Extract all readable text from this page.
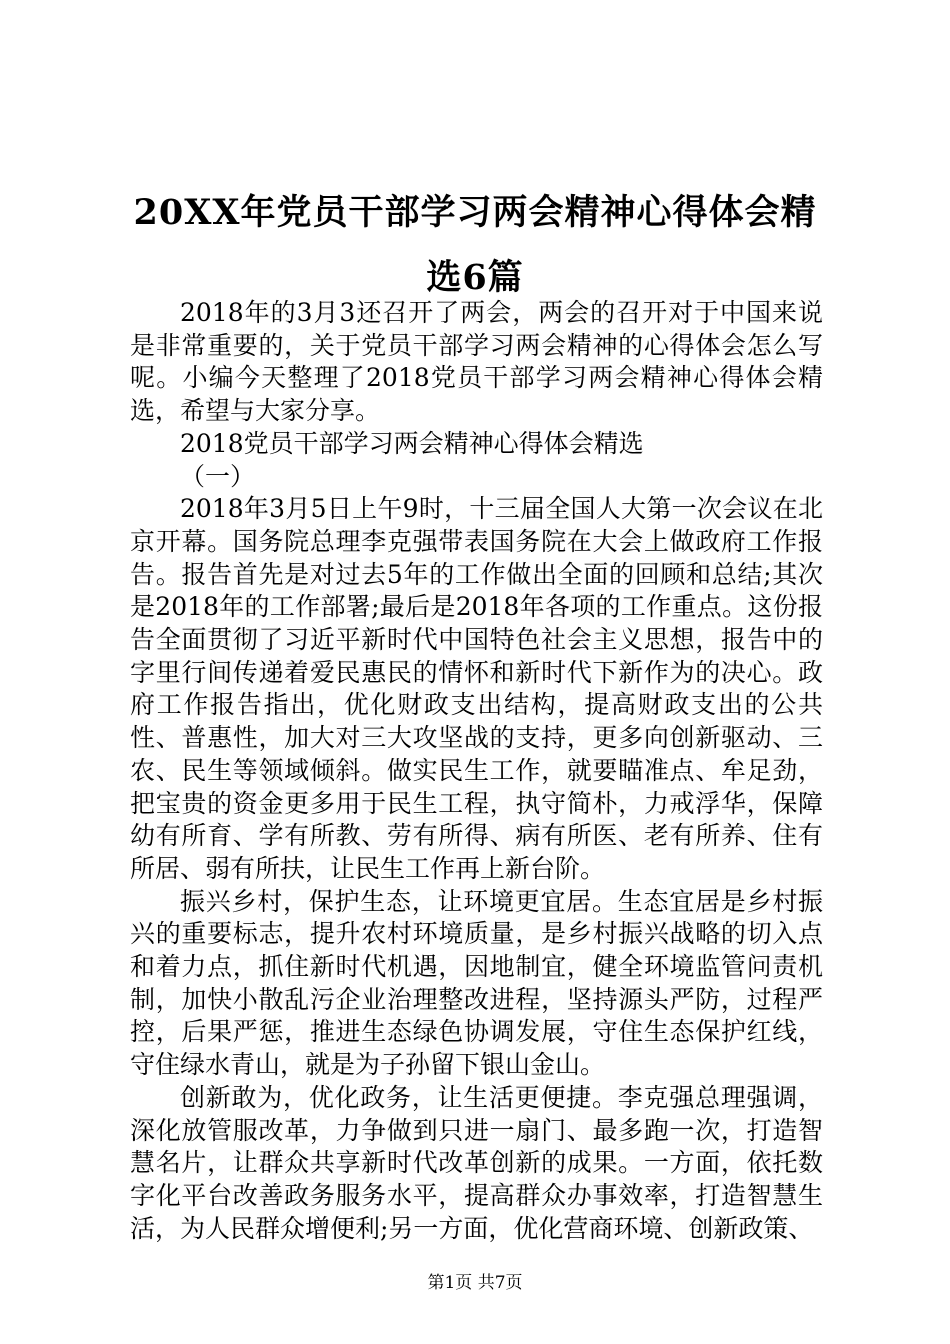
20XX年党员干部学习两会精神心得体会精选6篇

2018年的3月3还召开了两会，两会的召开对于中国来说是非常重要的，关于党员干部学习两会精神的心得体会怎么写呢。小编今天整理了2018党员干部学习两会精神心得体会精选，希望与大家分享。

2018党员干部学习两会精神心得体会精选

（一）

2018年3月5日上午9时，十三届全国人大第一次会议在北京开幕。国务院总理李克强带表国务院在大会上做政府工作报告。报告首先是对过去5年的工作做出全面的回顾和总结;其次是2018年的工作部署;最后是2018年各项的工作重点。这份报告全面贯彻了习近平新时代中国特色社会主义思想，报告中的字里行间传递着爱民惠民的情怀和新时代下新作为的决心。政府工作报告指出，优化财政支出结构，提高财政支出的公共性、普惠性，加大对三大攻坚战的支持，更多向创新驱动、三农、民生等领域倾斜。做实民生工作，就要瞄准点、牟足劲，把宝贵的资金更多用于民生工程，执守简朴，力戒浮华，保障幼有所育、学有所教、劳有所得、病有所医、老有所养、住有所居、弱有所扶，让民生工作再上新台阶。

振兴乡村，保护生态，让环境更宜居。生态宜居是乡村振兴的重要标志，提升农村环境质量，是乡村振兴战略的切入点和着力点，抓住新时代机遇，因地制宜，健全环境监管问责机制，加快小散乱污企业治理整改进程，坚持源头严防，过程严控，后果严惩，推进生态绿色协调发展，守住生态保护红线，守住绿水青山，就是为子孙留下银山金山。

创新敢为，优化政务，让生活更便捷。李克强总理强调，深化放管服改革，力争做到只进一扇门、最多跑一次，打造智慧名片，让群众共享新时代改革创新的成果。一方面，依托数字化平台改善政务服务水平，提高群众办事效率，打造智慧生活，为人民群众增便利;另一方面，优化营商环境、创新政策、

第1页 共7页
